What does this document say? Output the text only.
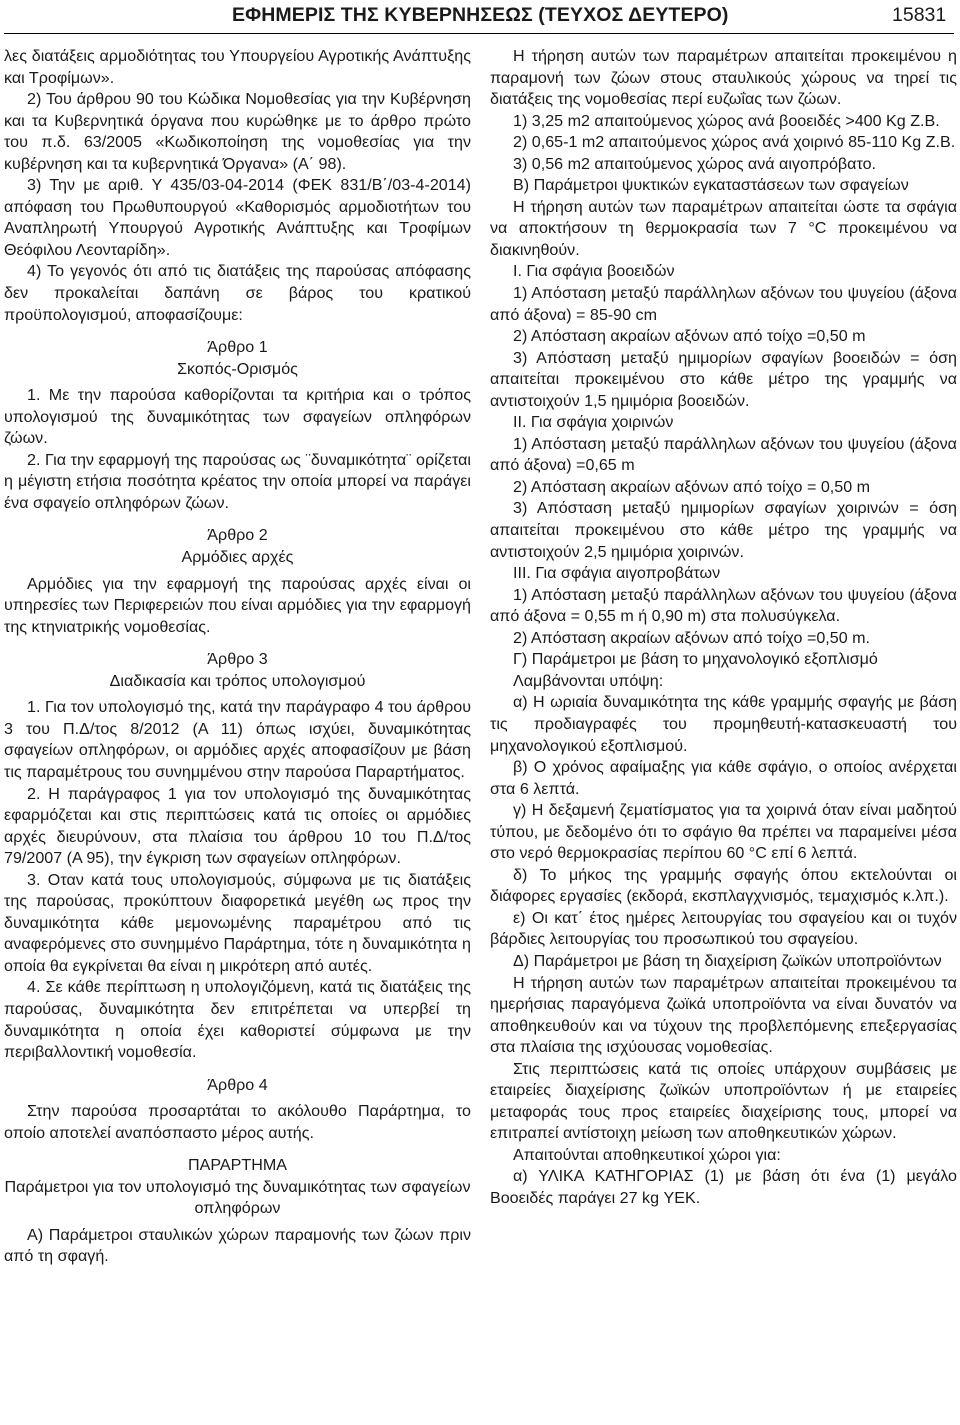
ΕΦΗΜΕΡΙΣ ΤΗΣ ΚΥΒΕΡΝΗΣΕΩΣ (ΤΕΥΧΟΣ ΔΕΥΤΕΡΟ)	15831
λες διατάξεις αρμοδιότητας του Υπουργείου Αγροτικής Ανάπτυξης και Τροφίμων».
2) Του άρθρου 90 του Κώδικα Νομοθεσίας για την Κυβέρνηση και τα Κυβερνητικά όργανα που κυρώθηκε με το άρθρο πρώτο του π.δ. 63/2005 «Κωδικοποίηση της νομοθεσίας για την κυβέρνηση και τα κυβερνητικά Όργανα» (Α΄ 98).
3) Την με αριθ. Υ 435/03-04-2014 (ΦΕΚ 831/Β΄/03-4-2014) απόφαση του Πρωθυπουργού «Καθορισμός αρμοδιοτήτων του Αναπληρωτή Υπουργού Αγροτικής Ανάπτυξης και Τροφίμων Θεόφιλου Λεονταρίδη».
4) Το γεγονός ότι από τις διατάξεις της παρούσας απόφασης δεν προκαλείται δαπάνη σε βάρος του κρατικού προϋπολογισμού, αποφασίζουμε:
Άρθρο 1
Σκοπός-Ορισμός
1. Με την παρούσα καθορίζονται τα κριτήρια και ο τρόπος υπολογισμού της δυναμικότητας των σφαγείων οπληφόρων ζώων.
2. Για την εφαρμογή της παρούσας ως ¨δυναμικότητα¨ ορίζεται η μέγιστη ετήσια ποσότητα κρέατος την οποία μπορεί να παράγει ένα σφαγείο οπληφόρων ζώων.
Άρθρο 2
Αρμόδιες αρχές
Αρμόδιες για την εφαρμογή της παρούσας αρχές είναι οι υπηρεσίες των Περιφερειών που είναι αρμόδιες για την εφαρμογή της κτηνιατρικής νομοθεσίας.
Άρθρο 3
Διαδικασία και τρόπος υπολογισμού
1. Για τον υπολογισμό της, κατά την παράγραφο 4 του άρθρου 3 του Π.Δ/τος 8/2012 (Α 11) όπως ισχύει, δυναμικότητας σφαγείων οπληφόρων, οι αρμόδιες αρχές αποφασίζουν με βάση τις παραμέτρους του συνημμένου στην παρούσα Παραρτήματος.
2. Η παράγραφος 1 για τον υπολογισμό της δυναμικότητας εφαρμόζεται και στις περιπτώσεις κατά τις οποίες οι αρμόδιες αρχές διευρύνουν, στα πλαίσια του άρθρου 10 του Π.Δ/τος 79/2007 (Α 95), την έγκριση των σφαγείων οπληφόρων.
3. Οταν κατά τους υπολογισμούς, σύμφωνα με τις διατάξεις της παρούσας, προκύπτουν διαφορετικά μεγέθη ως προς την δυναμικότητα κάθε μεμονωμένης παραμέτρου από τις αναφερόμενες στο συνημμένο Παράρτημα, τότε η δυναμικότητα η οποία θα εγκρίνεται θα είναι η μικρότερη από αυτές.
4. Σε κάθε περίπτωση η υπολογιζόμενη, κατά τις διατάξεις της παρούσας, δυναμικότητα δεν επιτρέπεται να υπερβεί τη δυναμικότητα η οποία έχει καθοριστεί σύμφωνα με την περιβαλλοντική νομοθεσία.
Άρθρο 4
Στην παρούσα προσαρτάται το ακόλουθο Παράρτημα, το οποίο αποτελεί αναπόσπαστο μέρος αυτής.
ΠΑΡΑΡΤΗΜΑ
Παράμετροι για τον υπολογισμό της δυναμικότητας των σφαγείων οπληφόρων
Α) Παράμετροι σταυλικών χώρων παραμονής των ζώων πριν από τη σφαγή.
Η τήρηση αυτών των παραμέτρων απαιτείται προκειμένου η παραμονή των ζώων στους σταυλικούς χώρους να τηρεί τις διατάξεις της νομοθεσίας περί ευζωΐας των ζώων.
1) 3,25 m2 απαιτούμενος χώρος ανά βοοειδές >400 Kg Z.B.
2) 0,65-1 m2 απαιτούμενος χώρος ανά χοιρινό 85-110 Kg Z.B.
3) 0,56 m2 απαιτούμενος χώρος ανά αιγοπρόβατο.
Β) Παράμετροι ψυκτικών εγκαταστάσεων των σφαγείων
Η τήρηση αυτών των παραμέτρων απαιτείται ώστε τα σφάγια να αποκτήσουν τη θερμοκρασία των 7 °C προκειμένου να διακινηθούν.
Ι. Για σφάγια βοοειδών
1) Απόσταση μεταξύ παράλληλων αξόνων του ψυγείου (άξονα από άξονα) = 85-90 cm
2) Απόσταση ακραίων αξόνων από τοίχο =0,50 m
3) Απόσταση μεταξύ ημιμορίων σφαγίων βοοειδών = όση απαιτείται προκειμένου στο κάθε μέτρο της γραμμής να αντιστοιχούν 1,5 ημιμόρια βοοειδών.
ΙΙ. Για σφάγια χοιρινών
1) Απόσταση μεταξύ παράλληλων αξόνων του ψυγείου (άξονα από άξονα) =0,65 m
2) Απόσταση ακραίων αξόνων από τοίχο = 0,50 m
3) Απόσταση μεταξύ ημιμορίων σφαγίων χοιρινών = όση απαιτείται προκειμένου στο κάθε μέτρο της γραμμής να αντιστοιχούν 2,5 ημιμόρια χοιρινών.
ΙΙΙ. Για σφάγια αιγοπροβάτων
1) Απόσταση μεταξύ παράλληλων αξόνων του ψυγείου (άξονα από άξονα = 0,55 m ή 0,90 m) στα πολυσύγκελα.
2) Απόσταση ακραίων αξόνων από τοίχο =0,50 m.
Γ) Παράμετροι με βάση το μηχανολογικό εξοπλισμό
Λαμβάνονται υπόψη:
α) Η ωριαία δυναμικότητα της κάθε γραμμής σφαγής με βάση τις προδιαγραφές του προμηθευτή-κατασκευαστή του μηχανολογικού εξοπλισμού.
β) Ο χρόνος αφαίμαξης για κάθε σφάγιο, ο οποίος ανέρχεται στα 6 λεπτά.
γ) Η δεξαμενή ζεματίσματος για τα χοιρινά όταν είναι μαδητού τύπου, με δεδομένο ότι το σφάγιο θα πρέπει να παραμείνει μέσα στο νερό θερμοκρασίας περίπου 60 °C επί 6 λεπτά.
δ) Το μήκος της γραμμής σφαγής όπου εκτελούνται οι διάφορες εργασίες (εκδορά, εκσπλαγχνισμός, τεμαχισμός κ.λπ.).
ε) Οι κατ΄ έτος ημέρες λειτουργίας του σφαγείου και οι τυχόν βάρδιες λειτουργίας του προσωπικού του σφαγείου.
Δ) Παράμετροι με βάση τη διαχείριση ζωϊκών υποπροϊόντων
Η τήρηση αυτών των παραμέτρων απαιτείται προκειμένου τα ημερήσιας παραγόμενα ζωϊκά υποπροϊόντα να είναι δυνατόν να αποθηκευθούν και να τύχουν της προβλεπόμενης επεξεργασίας στα πλαίσια της ισχύουσας νομοθεσίας.
Στις περιπτώσεις κατά τις οποίες υπάρχουν συμβάσεις με εταιρείες διαχείρισης ζωϊκών υποπροϊόντων ή με εταιρείες μεταφοράς τους προς εταιρείες διαχείρισης τους, μπορεί να επιτραπεί αντίστοιχη μείωση των αποθηκευτικών χώρων.
Απαιτούνται αποθηκευτικοί χώροι για:
α) ΥΛΙΚΑ ΚΑΤΗΓΟΡΙΑΣ (1) με βάση ότι ένα (1) μεγάλο Βοοειδές παράγει 27 kg ΥΕΚ.
